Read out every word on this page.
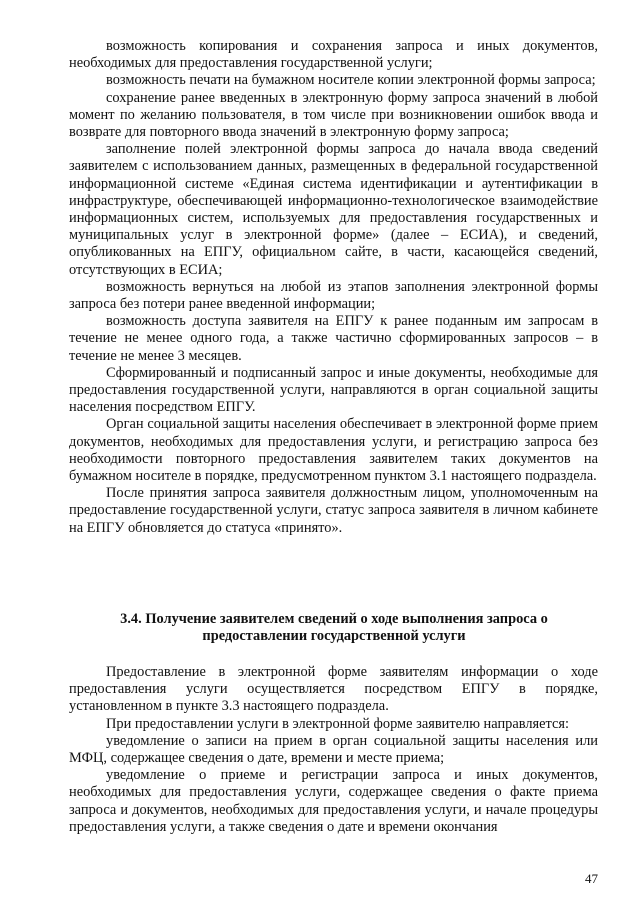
возможность копирования и сохранения запроса и иных документов, необходимых для предоставления государственной услуги;

возможность печати на бумажном носителе копии электронной формы запроса;

сохранение ранее введенных в электронную форму запроса значений в любой момент по желанию пользователя, в том числе при возникновении ошибок ввода и возврате для повторного ввода значений в электронную форму запроса;

заполнение полей электронной формы запроса до начала ввода сведений заявителем с использованием данных, размещенных в федеральной государственной информационной системе «Единая система идентификации и аутентификации в инфраструктуре, обеспечивающей информационно-технологическое взаимодействие информационных систем, используемых для предоставления государственных и муниципальных услуг в электронной форме» (далее – ЕСИА), и сведений, опубликованных на ЕПГУ, официальном сайте, в части, касающейся сведений, отсутствующих в ЕСИА;

возможность вернуться на любой из этапов заполнения электронной формы запроса без потери ранее введенной информации;

возможность доступа заявителя на ЕПГУ к ранее поданным им запросам в течение не менее одного года, а также частично сформированных запросов – в течение не менее 3 месяцев.

Сформированный и подписанный запрос и иные документы, необходимые для предоставления государственной услуги, направляются в орган социальной защиты населения посредством ЕПГУ.

Орган социальной защиты населения обеспечивает в электронной форме прием документов, необходимых для предоставления услуги, и регистрацию запроса без необходимости повторного предоставления заявителем таких документов на бумажном носителе в порядке, предусмотренном пунктом 3.1 настоящего подраздела.

После принятия запроса заявителя должностным лицом, уполномоченным на предоставление государственной услуги, статус запроса заявителя в личном кабинете на ЕПГУ обновляется до статуса «принято».

3.4. Получение заявителем сведений о ходе выполнения запроса о предоставлении государственной услуги

Предоставление в электронной форме заявителям информации о ходе предоставления услуги осуществляется посредством ЕПГУ в порядке, установленном в пункте 3.3 настоящего подраздела.

При предоставлении услуги в электронной форме заявителю направляется:

уведомление о записи на прием в орган социальной защиты населения или МФЦ, содержащее сведения о дате, времени и месте приема;

уведомление о приеме и регистрации запроса и иных документов, необходимых для предоставления услуги, содержащее сведения о факте приема запроса и документов, необходимых для предоставления услуги, и начале процедуры предоставления услуги, а также сведения о дате и времени окончания

47
